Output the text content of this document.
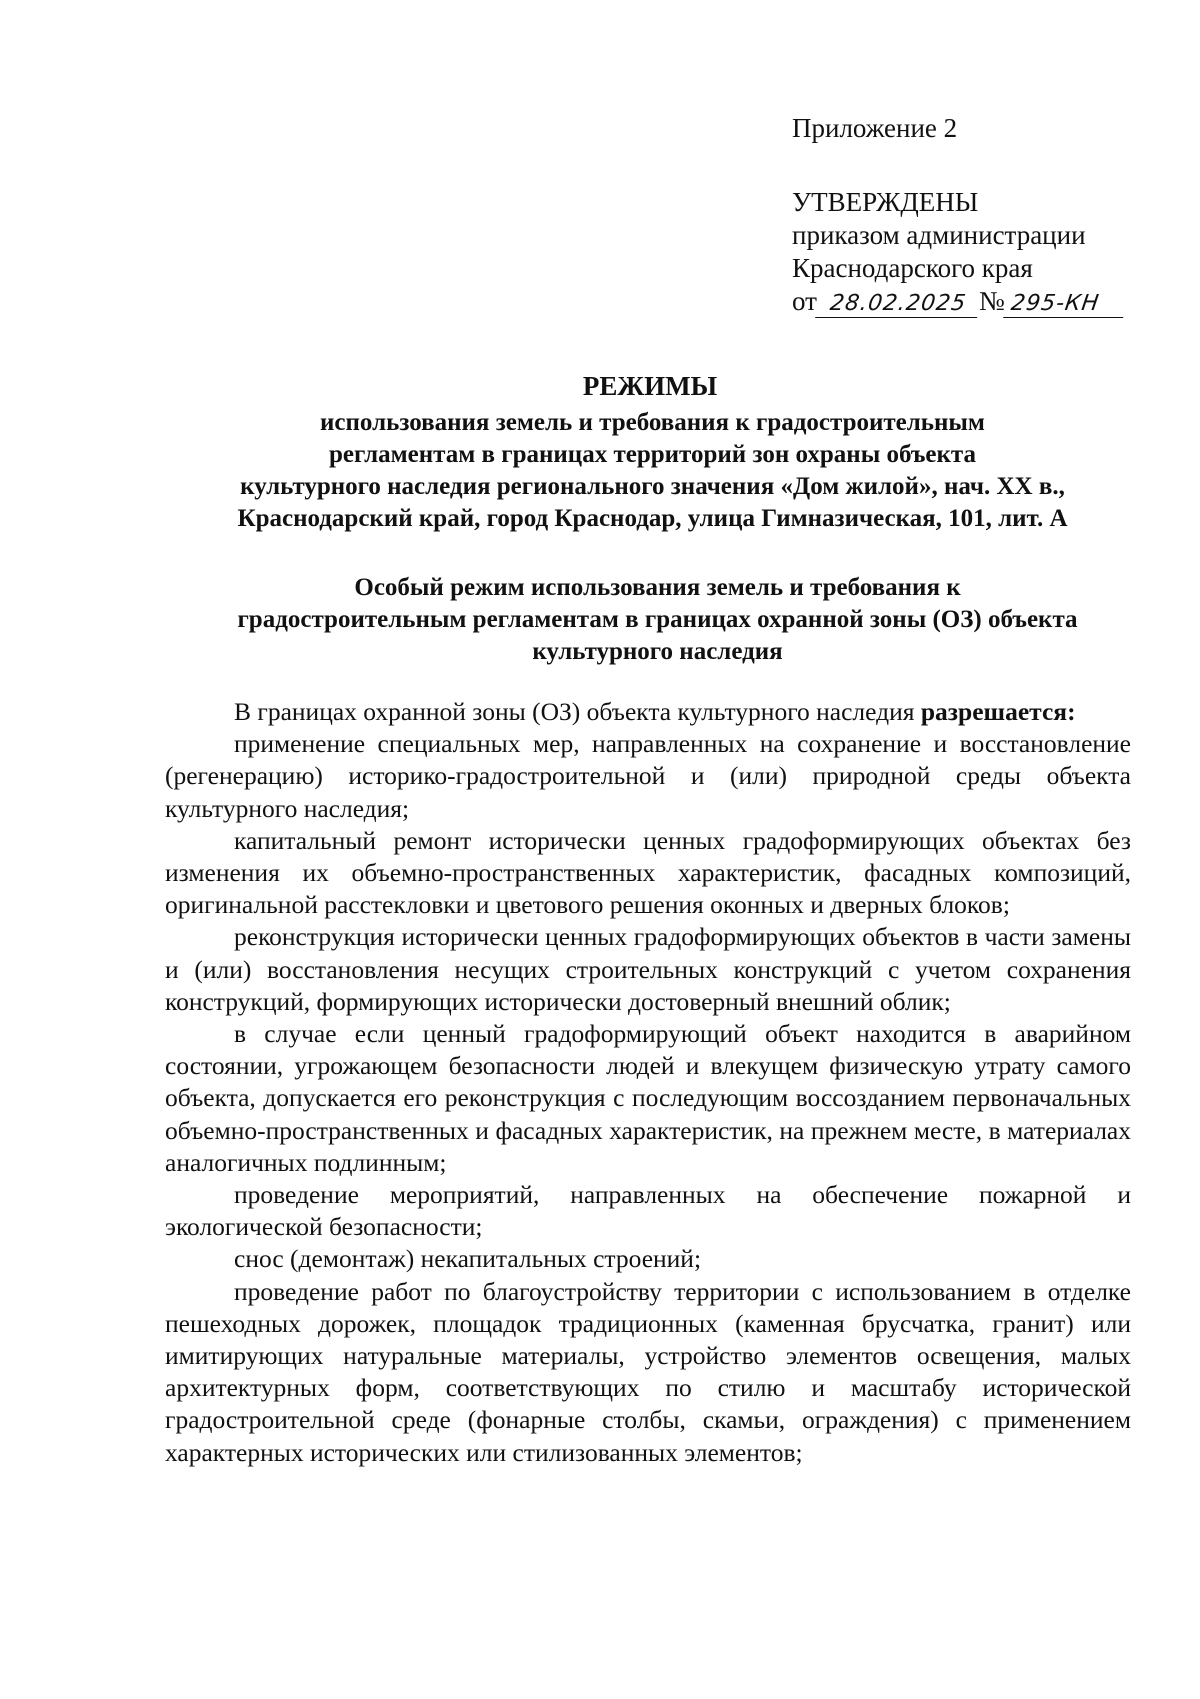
Приложение 2

УТВЕРЖДЕНЫ

приказом администрации

Краснодарского края

от 28.02.2025 № 295-КН

РЕЖИМЫ
использования земель и требования к градостроительным
регламентам в границах территорий зон охраны объекта
культурного наследия регионального значения «Дом жилой», нач. XX в.,
Краснодарский край, город Краснодар, улица Гимназическая, 101, лит. А
Особый режим использования земель и требования к
градостроительным регламентам в границах охранной зоны (ОЗ) объекта
культурного наследия

В границах охранной зоны (ОЗ) объекта культурного наследия разрешается:

применение специальных мер, направленных на сохранение и восстановление (регенерацию) историко-градостроительной и (или) природной среды объекта культурного наследия;

капитальный ремонт исторически ценных градоформирующих объектах без изменения их объемно-пространственных характеристик, фасадных композиций, оригинальной расстекловки и цветового решения оконных и дверных блоков;

реконструкция исторически ценных градоформирующих объектов в части замены и (или) восстановления несущих строительных конструкций с учетом сохранения конструкций, формирующих исторически достоверный внешний облик;

в случае если ценный градоформирующий объект находится в аварийном состоянии, угрожающем безопасности людей и влекущем физическую утрату самого объекта, допускается его реконструкция с последующим воссозданием первоначальных объемно-пространственных и фасадных характеристик, на прежнем месте, в материалах аналогичных подлинным;

проведение мероприятий, направленных на обеспечение пожарной и экологической безопасности;

снос (демонтаж) некапитальных строений;

проведение работ по благоустройству территории с использованием в отделке пешеходных дорожек, площадок традиционных (каменная брусчатка, гранит) или имитирующих натуральные материалы, устройство элементов освещения, малых архитектурных форм, соответствующих по стилю и масштабу исторической градостроительной среде (фонарные столбы, скамьи, ограждения) с применением характерных исторических или стилизованных элементов;
